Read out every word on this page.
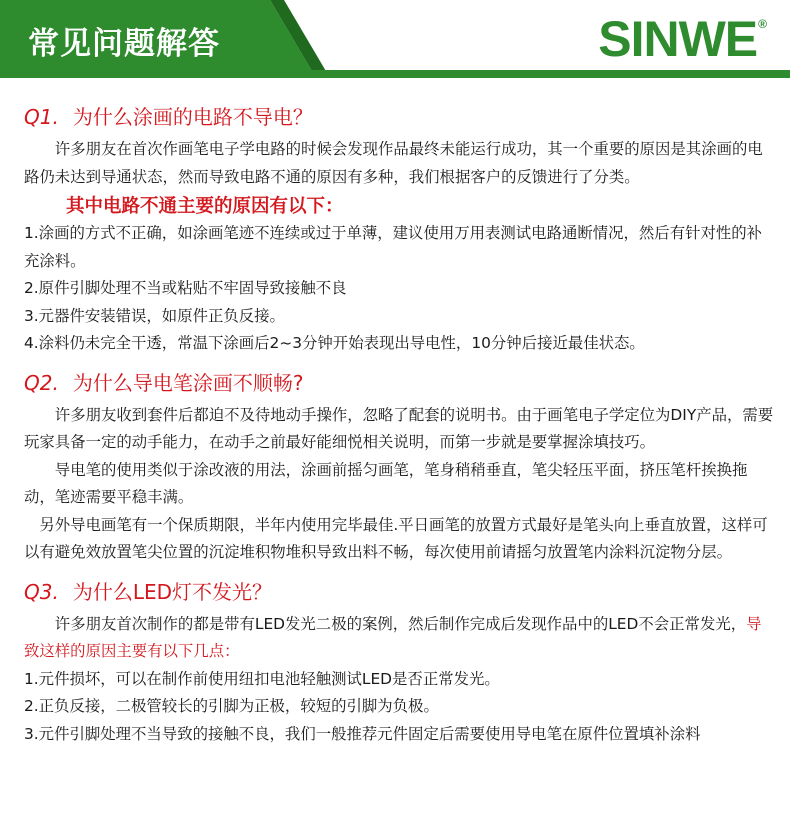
常见问题解答	SINWE®
Q1. 为什么涂画的电路不导电？

许多朋友在首次作画笔电子学电路的时候会发现作品最终未能运行成功，其一个重要的原因是其涂画的电路仍未达到导通状态，然而导致电路不通的原因有多种，我们根据客户的反馈进行了分类。

其中电路不通主要的原因有以下：

1.涂画的方式不正确，如涂画笔迹不连续或过于单薄，建议使用万用表测试电路通断情况，然后有针对性的补充涂料。

2.原件引脚处理不当或粘贴不牢固导致接触不良

3.元器件安装错误，如原件正负反接。

4.涂料仍未完全干透，常温下涂画后2~3分钟开始表现出导电性，10分钟后接近最佳状态。

Q2. 为什么导电笔涂画不顺畅?

许多朋友收到套件后都迫不及待地动手操作，忽略了配套的说明书。由于画笔电子学定位为DIY产品，需要玩家具备一定的动手能力，在动手之前最好能细悦相关说明，而第一步就是要掌握涂填技巧。

导电笔的使用类似于涂改液的用法，涂画前摇匀画笔，笔身稍稍垂直，笔尖轻压平面，挤压笔杆挨换拖动，笔迹需要平稳丰满。

另外导电画笔有一个保质期限，半年内使用完毕最佳.平日画笔的放置方式最好是笔头向上垂直放置，这样可以有避免效放置笔尖位置的沉淀堆积物堆积导致出料不畅，每次使用前请摇匀放置笔内涂料沉淀物分层。

Q3. 为什么LED灯不发光？

许多朋友首次制作的都是带有LED发光二极的案例，然后制作完成后发现作品中的LED不会正常发光，导致这样的原因主要有以下几点：

1.元件损坏，可以在制作前使用纽扣电池轻触测试LED是否正常发光。

2.正负反接，二极管较长的引脚为正极，较短的引脚为负极。

3.元件引脚处理不当导致的接触不良，我们一般推荐元件固定后需要使用导电笔在原件位置填补涂料
